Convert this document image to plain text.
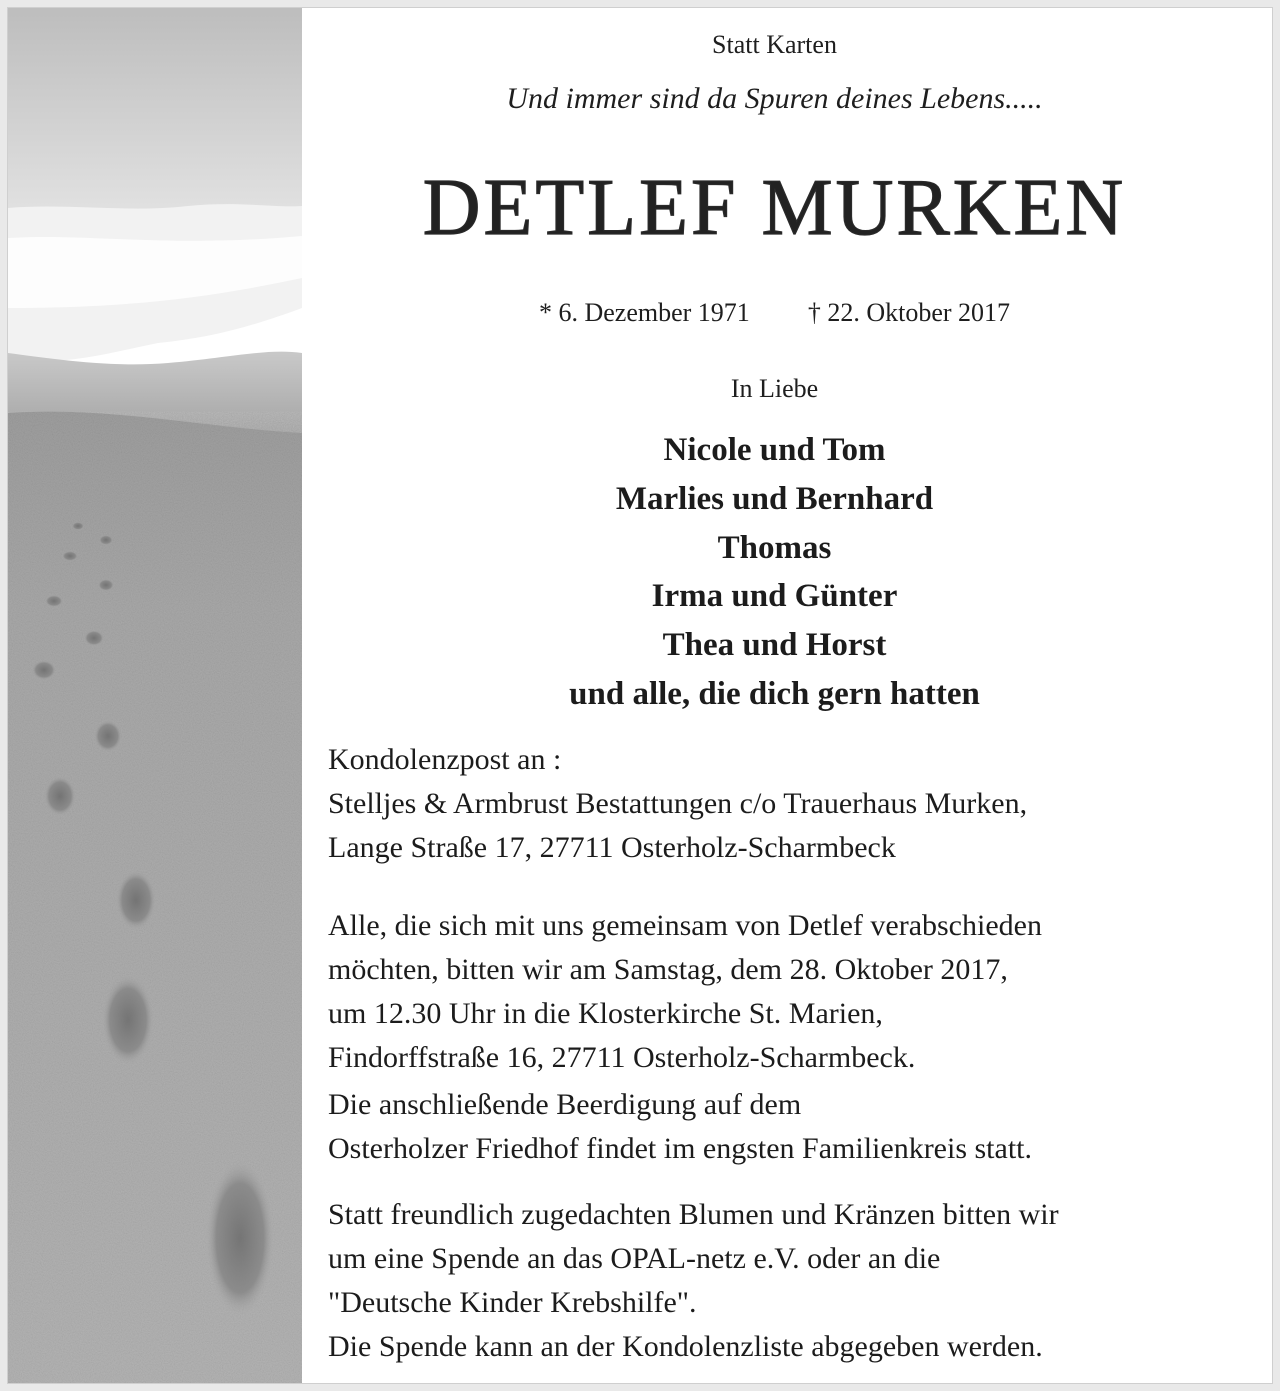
Statt Karten
Und immer sind da Spuren deines Lebens.....
DETLEF MURKEN
* 6. Dezember 1971 † 22. Oktober 2017
In Liebe
Nicole und Tom
Marlies und Bernhard
Thomas
Irma und Günter
Thea und Horst
und alle, die dich gern hatten
Kondolenzpost an :
Stelljes & Armbrust Bestattungen c/o Trauerhaus Murken,
Lange Straße 17, 27711 Osterholz-Scharmbeck
Alle, die sich mit uns gemeinsam von Detlef verabschieden
möchten, bitten wir am Samstag, dem 28. Oktober 2017,
um 12.30 Uhr in die Klosterkirche St. Marien,
Findorffstraße 16, 27711 Osterholz-Scharmbeck.
Die anschließende Beerdigung auf dem
Osterholzer Friedhof findet im engsten Familienkreis statt.
Statt freundlich zugedachten Blumen und Kränzen bitten wir
um eine Spende an das OPAL-netz e.V. oder an die
"Deutsche Kinder Krebshilfe".
Die Spende kann an der Kondolenzliste abgegeben werden.
